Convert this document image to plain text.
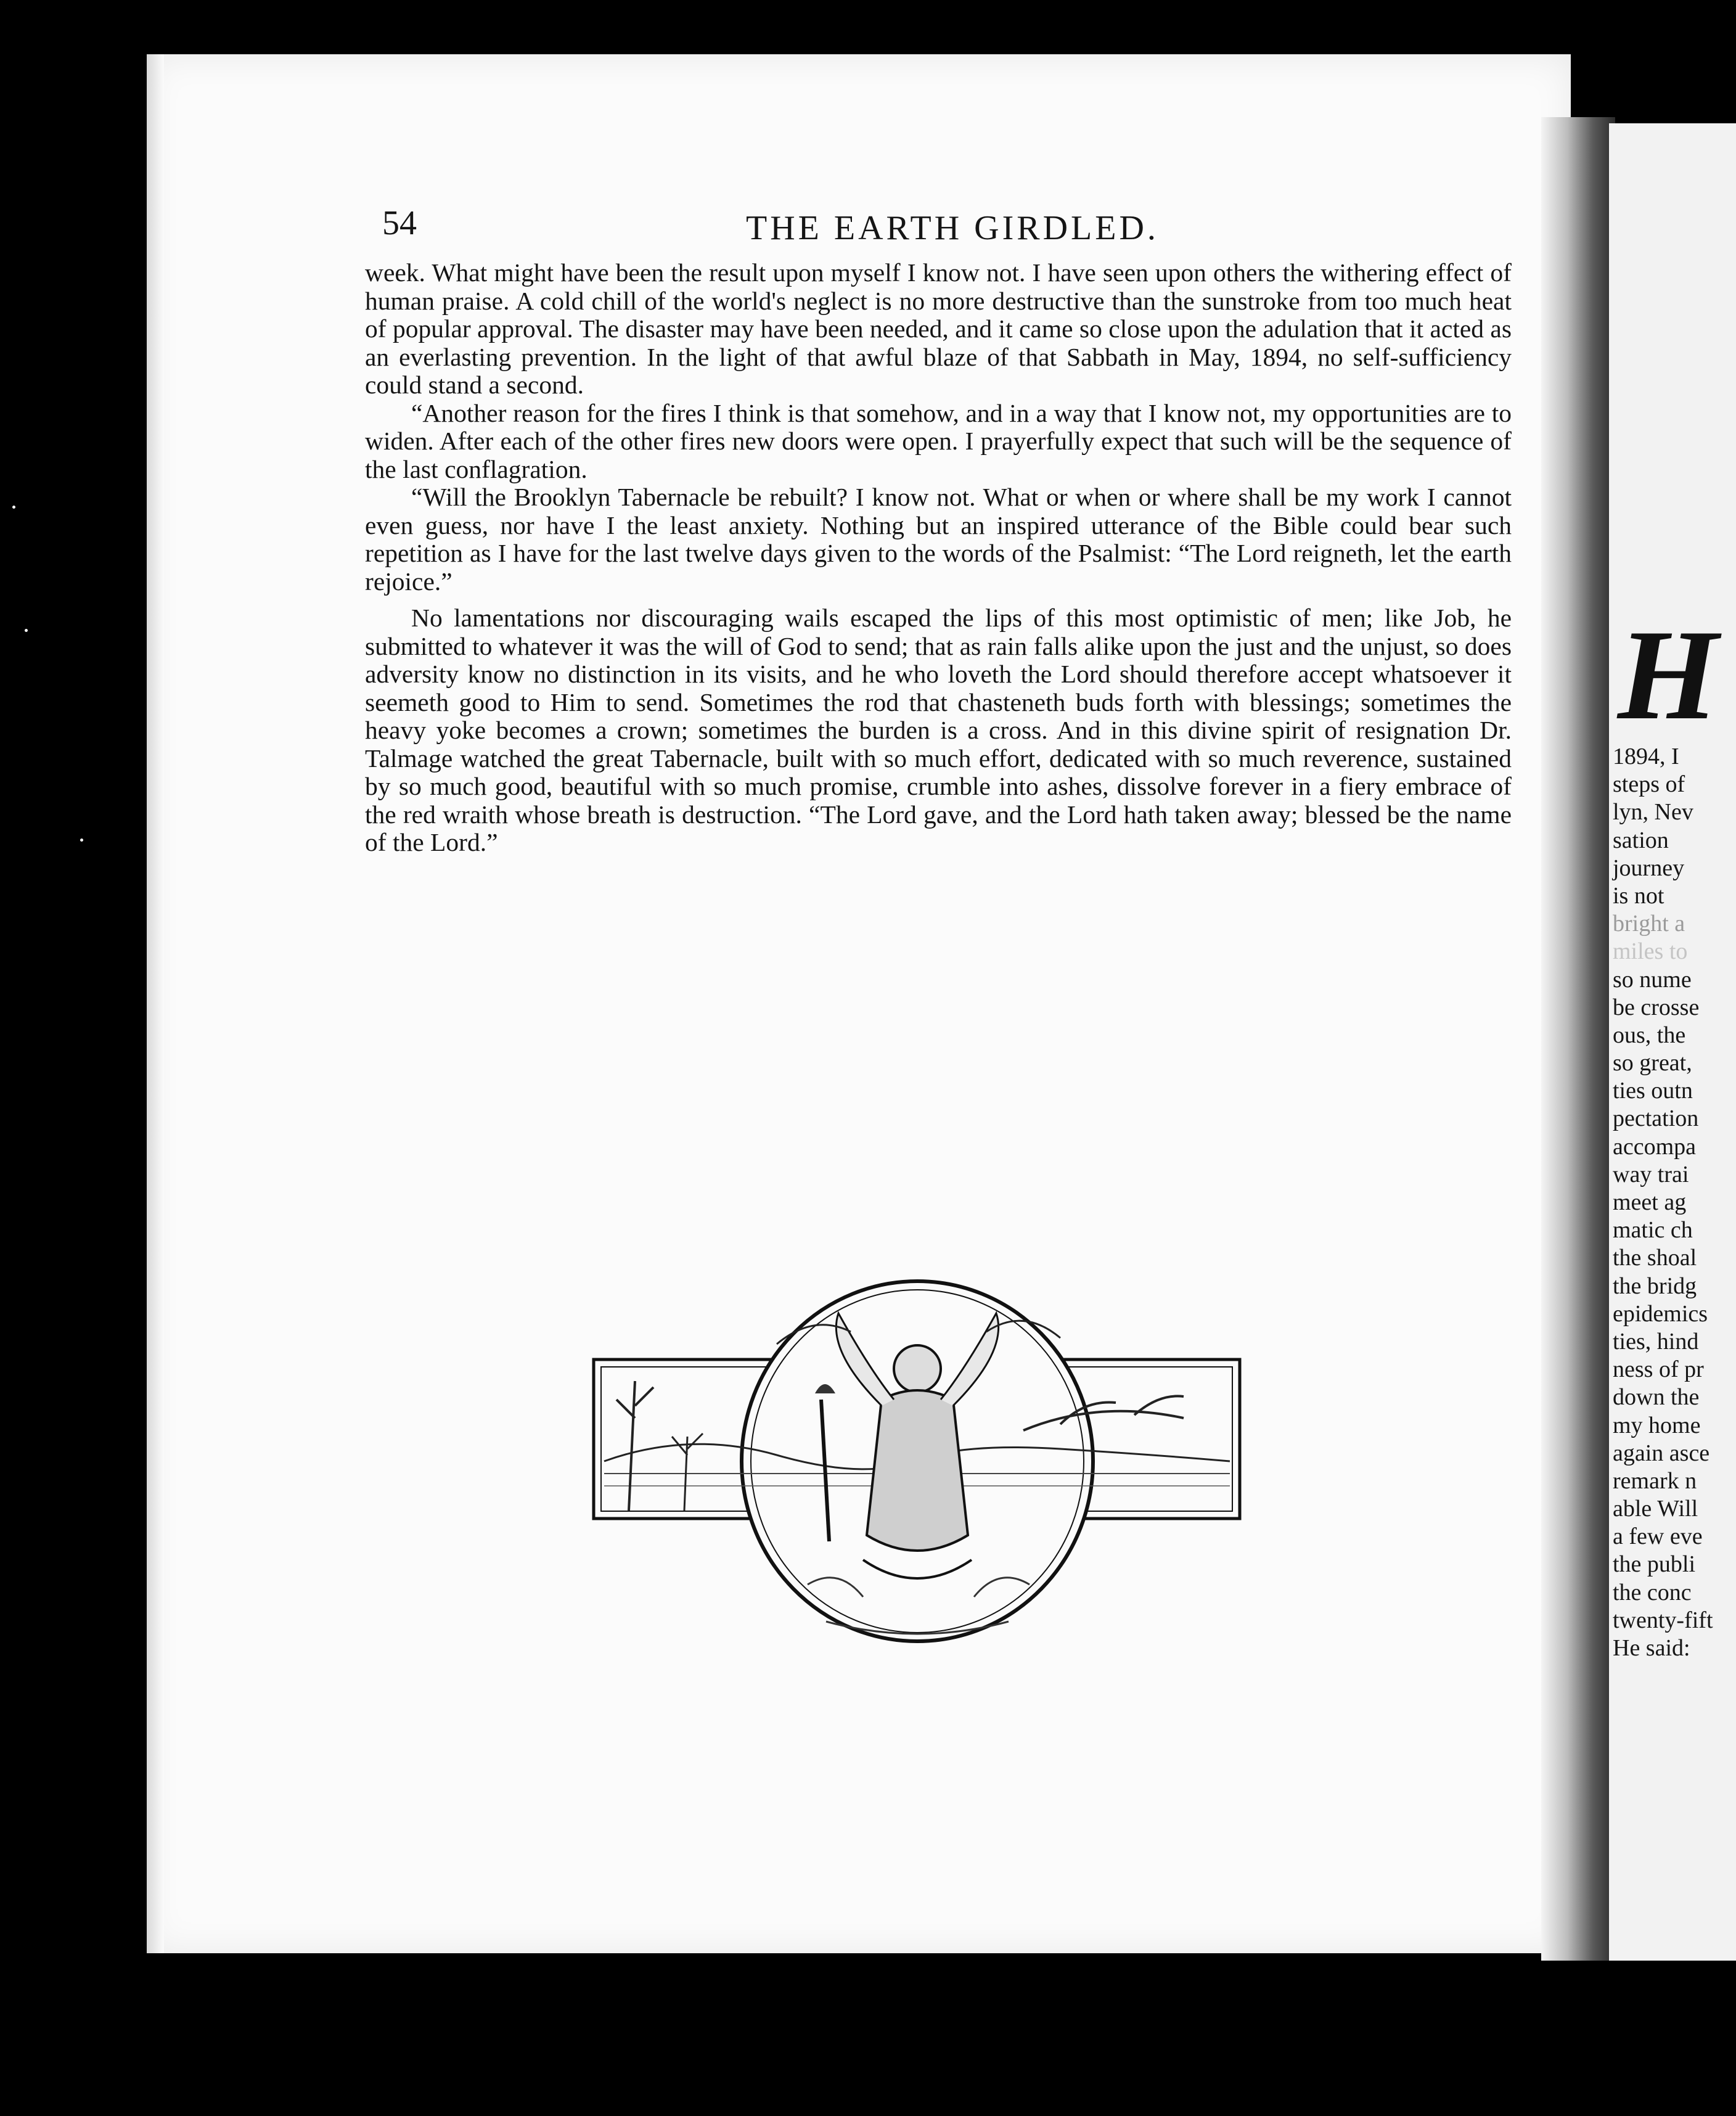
54	THE EARTH GIRDLED.

week. What might have been the result upon myself I know not. I have seen upon others the withering effect of human praise. A cold chill of the world's neglect is no more destructive than the sunstroke from too much heat of popular approval. The disaster may have been needed, and it came so close upon the adulation that it acted as an everlasting prevention. In the light of that awful blaze of that Sabbath in May, 1894, no self-sufficiency could stand a second.

“Another reason for the fires I think is that somehow, and in a way that I know not, my opportunities are to widen. After each of the other fires new doors were open. I prayerfully expect that such will be the sequence of the last conflagration.

“Will the Brooklyn Tabernacle be rebuilt? I know not. What or when or where shall be my work I cannot even guess, nor have I the least anxiety. Nothing but an inspired utterance of the Bible could bear such repetition as I have for the last twelve days given to the words of the Psalmist: “The Lord reigneth, let the earth rejoice.”

No lamentations nor discouraging wails escaped the lips of this most optimistic of men; like Job, he submitted to whatever it was the will of God to send; that as rain falls alike upon the just and the unjust, so does adversity know no distinction in its visits, and he who loveth the Lord should therefore accept whatsoever it seemeth good to Him to send. Sometimes the rod that chasteneth buds forth with blessings; sometimes the heavy yoke becomes a crown; sometimes the burden is a cross. And in this divine spirit of resignation Dr. Talmage watched the great Tabernacle, built with so much effort, dedicated with so much reverence, sustained by so much good, beautiful with so much promise, crumble into ashes, dissolve forever in a fiery embrace of the red wraith whose breath is destruction. “The Lord gave, and the Lord hath taken away; blessed be the name of the Lord.”

H
1894, I
steps of
lyn, Nev
sation
journey
is not
bright a
miles to
so nume
be crosse
ous, the
so great,
ties outn
pectation
accompa
way trai
meet ag
matic ch
the shoal
the bridg
epidemics
ties, hind
ness of pr
down the
my home
again asce
remark n
able Will
a few eve
the publi
the conc
twenty-fift
He said:
